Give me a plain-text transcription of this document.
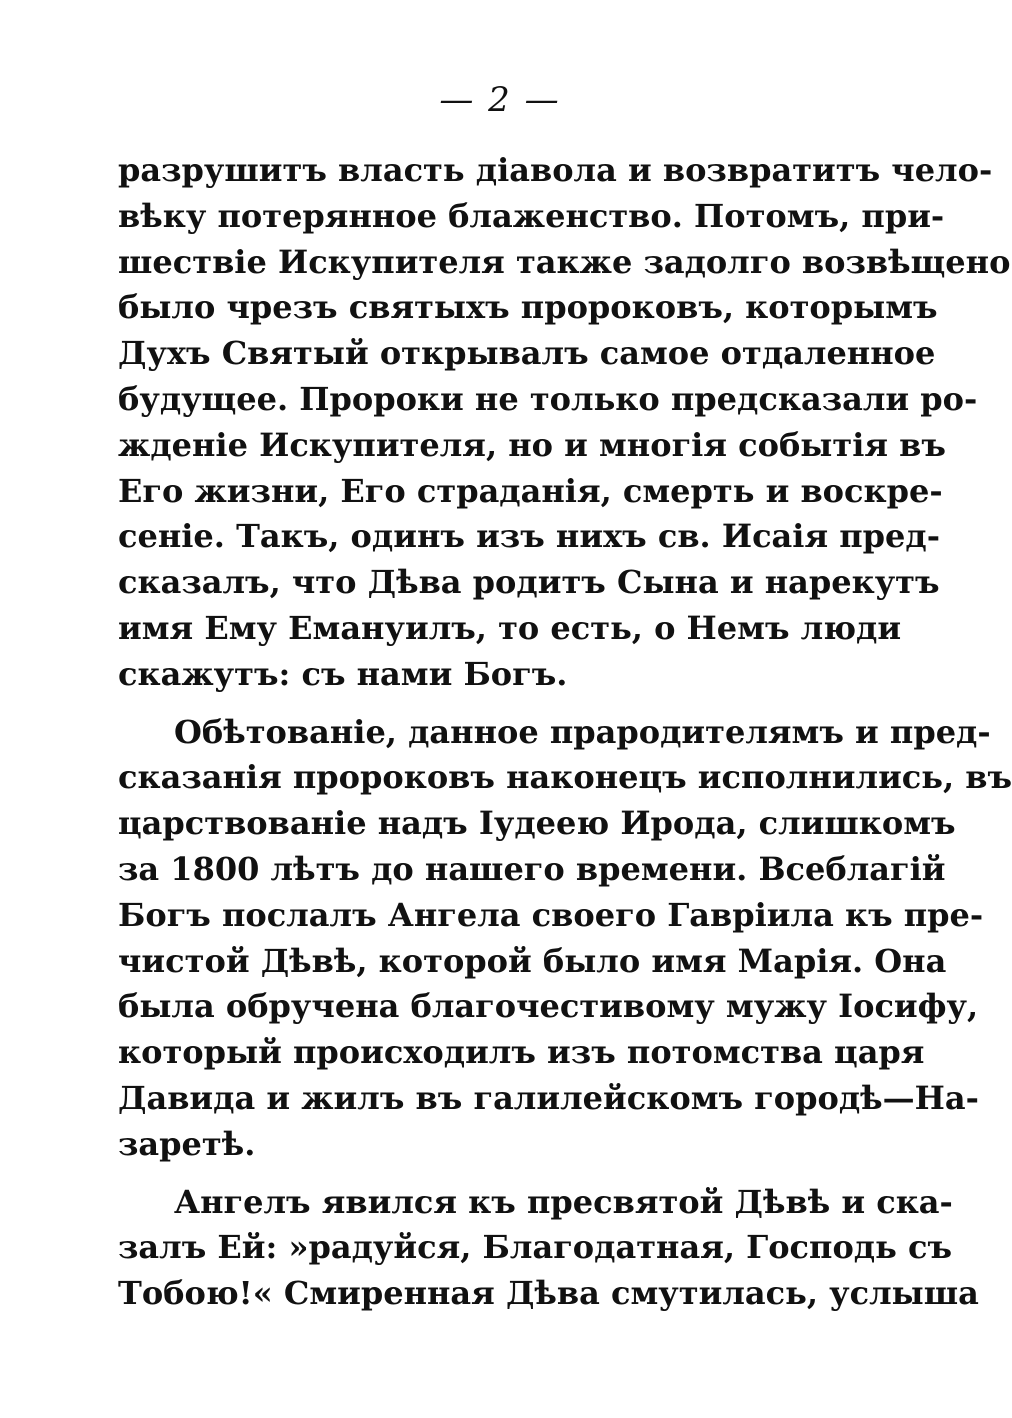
— 2 —
разрушитъ власть діавола и возвратитъ чело-
вѣку потерянное блаженство. Потомъ, при-
шествіе Искупителя также задолго возвѣщено
было чрезъ святыхъ пророковъ, которымъ
Духъ Святый открывалъ самое отдаленное
будущее. Пророки не только предсказали ро-
жденіе Искупителя, но и многія событія въ
Его жизни, Его страданія, смерть и воскре-
сеніе. Такъ, одинъ изъ нихъ св. Исаія пред-
сказалъ, что Дѣва родитъ Сына и нарекутъ
имя Ему Емануилъ, то есть, о Немъ люди
скажутъ: съ нами Богъ.
Обѣтованіе, данное прародителямъ и пред-
сказанія пророковъ наконецъ исполнились, въ
царствованіе надъ Іудеею Ирода, слишкомъ
за 1800 лѣтъ до нашего времени. Всеблагій
Богъ послалъ Ангела своего Гавріила къ пре-
чистой Дѣвѣ, которой было имя Марія. Она
была обручена благочестивому мужу Іосифу,
который происходилъ изъ потомства царя
Давида и жилъ въ галилейскомъ городѣ—На-
заретѣ.
Ангелъ явился къ пресвятой Дѣвѣ и ска-
залъ Ей: »радуйся, Благодатная, Господь съ
Тобою!« Смиренная Дѣва смутилась, услыша
